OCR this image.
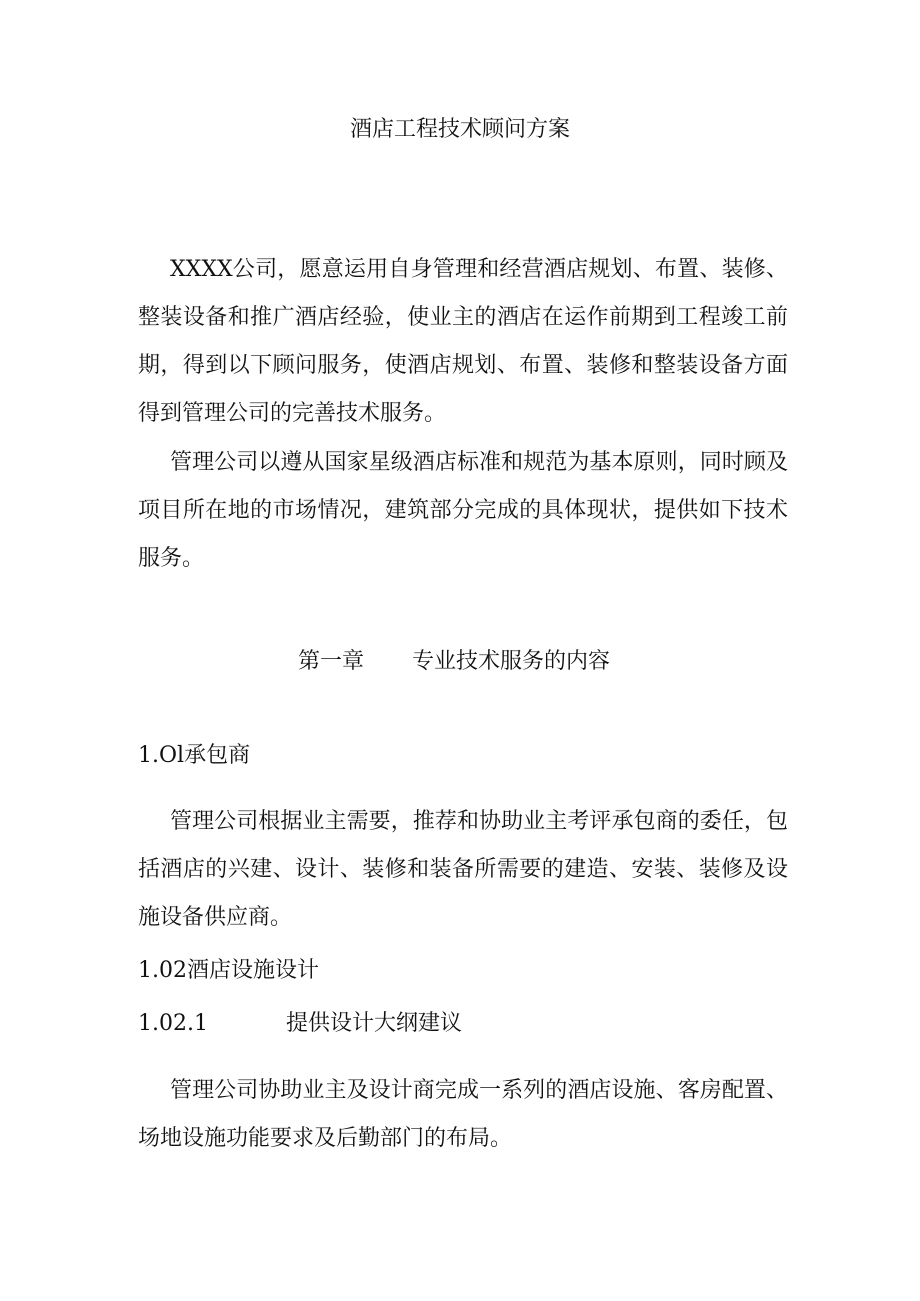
酒店工程技术顾问方案

XXXX公司，愿意运用自身管理和经营酒店规划、布置、装修、整装设备和推广酒店经验，使业主的酒店在运作前期到工程竣工前期，得到以下顾问服务，使酒店规划、布置、装修和整装设备方面得到管理公司的完善技术服务。

管理公司以遵从国家星级酒店标准和规范为基本原则，同时顾及项目所在地的市场情况，建筑部分完成的具体现状，提供如下技术服务。

第一章 专业技术服务的内容
1.Ol承包商

管理公司根据业主需要，推荐和协助业主考评承包商的委任，包括酒店的兴建、设计、装修和装备所需要的建造、安装、装修及设施设备供应商。

1.02酒店设施设计
1.02.1	提供设计大纲建议

管理公司协助业主及设计商完成一系列的酒店设施、客房配置、场地设施功能要求及后勤部门的布局。
